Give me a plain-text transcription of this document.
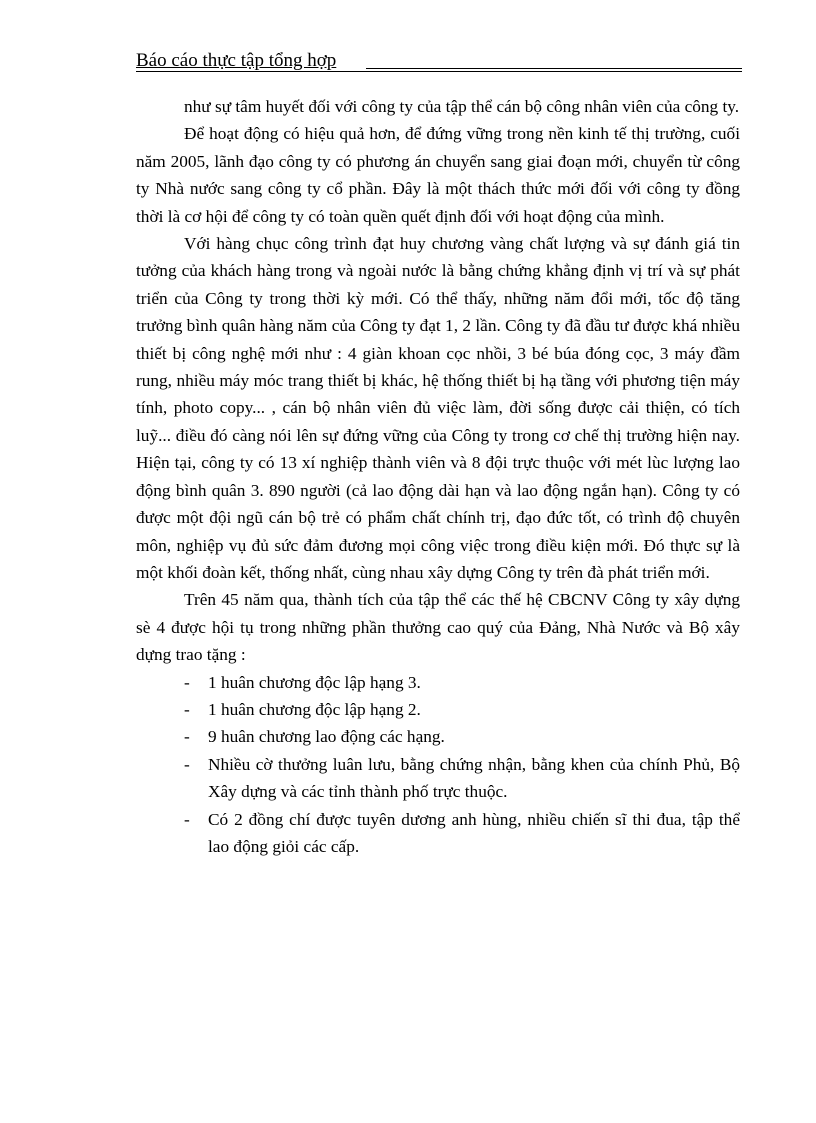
Báo cáo thực tập tổng hợp

như sự tâm huyết đối với công ty của tập thể cán bộ công nhân viên của công ty.

Để hoạt động có hiệu quả hơn, để đứng vững trong nền kinh tế thị trường, cuối năm 2005, lãnh đạo công ty có phương án chuyển sang giai đoạn mới, chuyển từ công ty Nhà nước sang công ty cổ phần. Đây là một thách thức mới đối với công ty đồng thời là cơ hội để công ty có toàn quền quết định đối với hoạt động của mình.

Với hàng chục công trình đạt huy chương vàng chất lượng và sự đánh giá tin tưởng của khách hàng trong và ngoài nước là bằng chứng khẳng định vị trí và sự phát triển của Công ty trong thời kỳ mới. Có thể thấy, những năm đổi mới, tốc độ tăng trưởng bình quân hàng năm của Công ty đạt 1, 2 lần. Công ty đã đầu tư được khá nhiều thiết bị công nghệ mới như : 4 giàn khoan cọc nhồi, 3 bé búa đóng cọc, 3 máy đầm rung, nhiều máy móc trang thiết bị khác, hệ thống thiết bị hạ tầng với phương tiện máy tính, photo copy... , cán bộ nhân viên đủ việc làm, đời sống được cải thiện, có tích luỹ... điều đó càng nói lên sự đứng vững của Công ty trong cơ chế thị trường hiện nay. Hiện tại, công ty có 13 xí nghiệp thành viên và 8 đội trực thuộc với mét lùc lượng lao động bình quân 3. 890 người (cả lao động dài hạn và lao động ngắn hạn). Công ty có được một đội ngũ cán bộ trẻ có phẩm chất chính trị, đạo đức tốt, có trình độ chuyên môn, nghiệp vụ đủ sức đảm đương mọi công việc trong điều kiện mới. Đó thực sự là một khối đoàn kết, thống nhất, cùng nhau xây dựng Công ty trên đà phát triển mới.

Trên 45 năm qua, thành tích của tập thể các thế hệ CBCNV Công ty xây dựng sè 4 được hội tụ trong những phần thưởng cao quý của Đảng, Nhà Nước và Bộ xây dựng trao tặng :

- 1 huân chương độc lập hạng 3.
- 1 huân chương độc lập hạng 2.
- 9 huân chương lao động các hạng.
- Nhiều cờ thưởng luân lưu, bằng chứng nhận, bằng khen của chính Phủ, Bộ Xây dựng và các tỉnh thành phố trực thuộc.
- Có 2 đồng chí được tuyên dương anh hùng, nhiều chiến sĩ thi đua, tập thể lao động giỏi các cấp.
